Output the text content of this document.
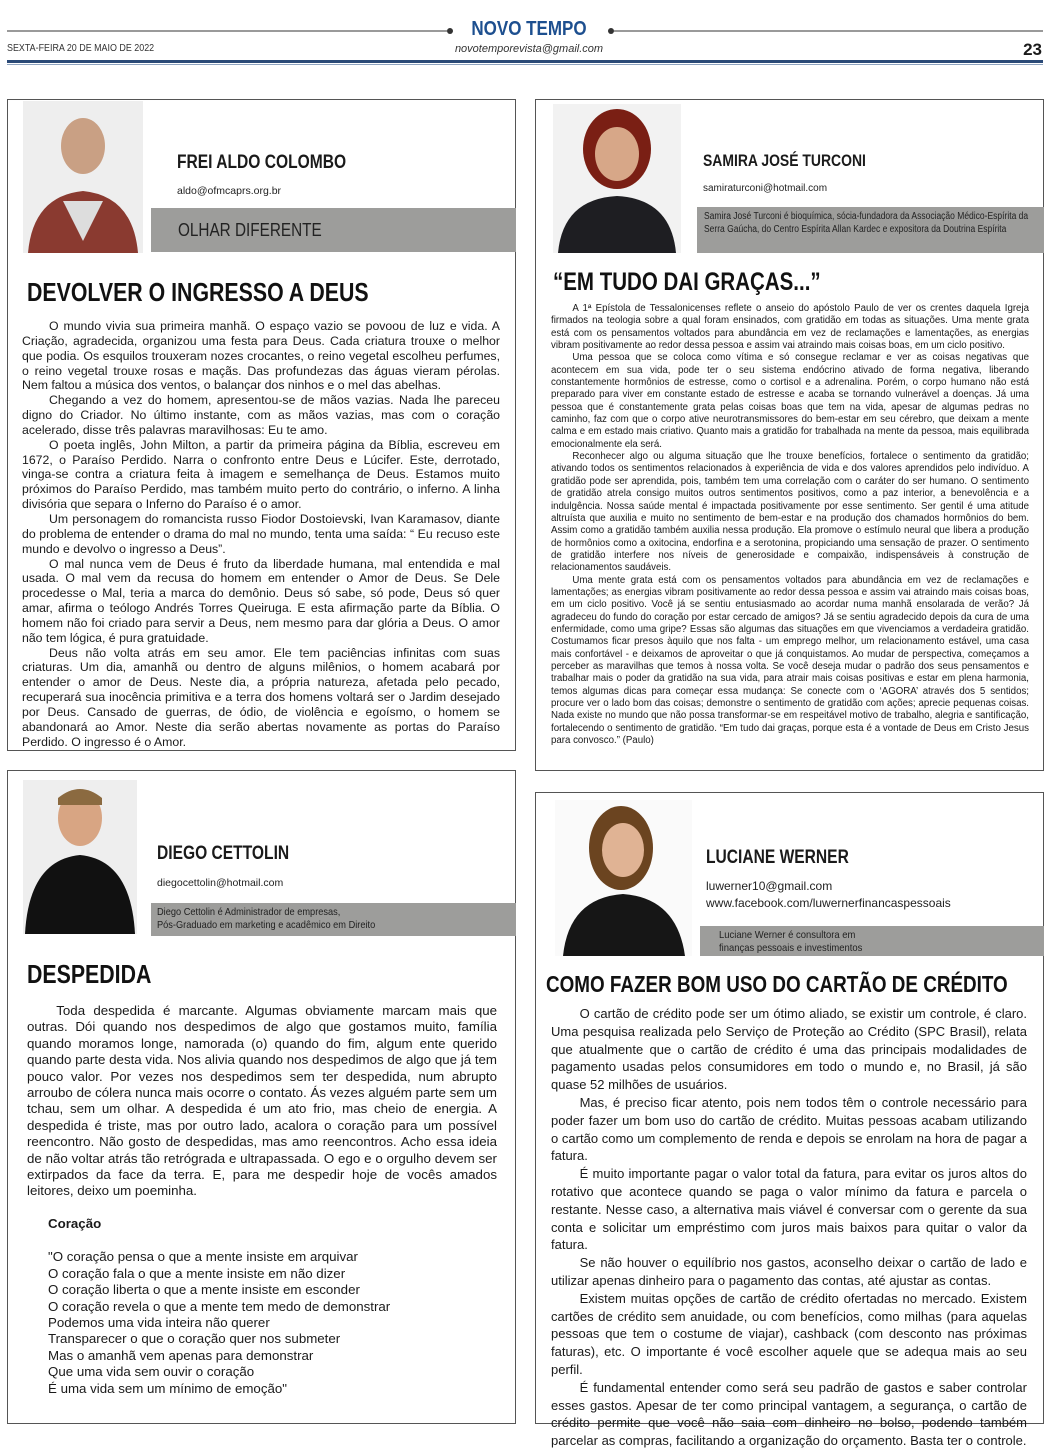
NOVO TEMPO
SEXTA-FEIRA 20 DE MAIO DE 2022	novotemporevista@gmail.com	23
FREI ALDO COLOMBO
aldo@ofmcaprs.org.br
OLHAR DIFERENTE
DEVOLVER O INGRESSO A DEUS

O mundo vivia sua primeira manhã. O espaço vazio se povoou de luz e vida. A Criação, agradecida, organizou uma festa para Deus. Cada criatura trouxe o melhor que podia. Os esquilos trouxeram nozes crocantes, o reino vegetal escolheu perfumes, o reino vegetal trouxe rosas e maçãs. Das profundezas das águas vieram pérolas. Nem faltou a música dos ventos, o balançar dos ninhos e o mel das abelhas.

Chegando a vez do homem, apresentou-se de mãos vazias. Nada lhe pareceu digno do Criador. No último instante, com as mãos vazias, mas com o coração acelerado, disse três palavras maravilhosas: Eu te amo.

O poeta inglês, John Milton, a partir da primeira página da Bíblia, escreveu em 1672, o Paraíso Perdido. Narra o confronto entre Deus e Lúcifer. Este, derrotado, vinga-se contra a criatura feita à imagem e semelhança de Deus. Estamos muito próximos do Paraíso Perdido, mas também muito perto do contrário, o inferno. A linha divisória que separa o Inferno do Paraíso é o amor.

Um personagem do romancista russo Fiodor Dostoievski, Ivan Karamasov, diante do problema de entender o drama do mal no mundo, tenta uma saída: “ Eu recuso este mundo e devolvo o ingresso a Deus”.

O mal nunca vem de Deus é fruto da liberdade humana, mal entendida e mal usada. O mal vem da recusa do homem em entender o Amor de Deus. Se Dele procedesse o Mal, teria a marca do demônio. Deus só sabe, só pode, Deus só quer amar, afirma o teólogo Andrés Torres Queiruga. E esta afirmação parte da Bíblia. O homem não foi criado para servir a Deus, nem mesmo para dar glória a Deus. O amor não tem lógica, é pura gratuidade.

Deus não volta atrás em seu amor. Ele tem paciências infinitas com suas criaturas. Um dia, amanhã ou dentro de alguns milênios, o homem acabará por entender o amor de Deus. Neste dia, a própria natureza, afetada pelo pecado, recuperará sua inocência primitiva e a terra dos homens voltará ser o Jardim desejado por Deus. Cansado de guerras, de ódio, de violência e egoísmo, o homem se abandonará ao Amor. Neste dia serão abertas novamente as portas do Paraíso Perdido. O ingresso é o Amor.

SAMIRA JOSÉ TURCONI
samiraturconi@hotmail.com
Samira José Turconi é bioquímica, sócia-fundadora da Associação Médico-Espírita da Serra Gaúcha, do Centro Espírita Allan Kardec e expositora da Doutrina Espírita
“EM TUDO DAI GRAÇAS...”

A 1ª Epístola de Tessalonicenses reflete o anseio do apóstolo Paulo de ver os crentes daquela Igreja firmados na teologia sobre a qual foram ensinados, com gratidão em todas as situações. Uma mente grata está com os pensamentos voltados para abundância em vez de reclamações e lamentações, as energias vibram positivamente ao redor dessa pessoa e assim vai atraindo mais coisas boas, em um ciclo positivo.

Uma pessoa que se coloca como vítima e só consegue reclamar e ver as coisas negativas que acontecem em sua vida, pode ter o seu sistema endócrino ativado de forma negativa, liberando constantemente hormônios de estresse, como o cortisol e a adrenalina. Porém, o corpo humano não está preparado para viver em constante estado de estresse e acaba se tornando vulnerável a doenças. Já uma pessoa que é constantemente grata pelas coisas boas que tem na vida, apesar de algumas pedras no caminho, faz com que o corpo ative neurotransmissores do bem-estar em seu cérebro, que deixam a mente calma e em estado mais criativo. Quanto mais a gratidão for trabalhada na mente da pessoa, mais equilibrada emocionalmente ela será.

Reconhecer algo ou alguma situação que lhe trouxe benefícios, fortalece o sentimento da gratidão; ativando todos os sentimentos relacionados à experiência de vida e dos valores aprendidos pelo indivíduo. A gratidão pode ser aprendida, pois, também tem uma correlação com o caráter do ser humano. O sentimento de gratidão atrela consigo muitos outros sentimentos positivos, como a paz interior, a benevolência e a indulgência. Nossa saúde mental é impactada positivamente por esse sentimento. Ser gentil é uma atitude altruísta que auxilia e muito no sentimento de bem-estar e na produção dos chamados hormônios do bem. Assim como a gratidão também auxilia nessa produção. Ela promove o estímulo neural que libera a produção de hormônios como a oxitocina, endorfina e a serotonina, propiciando uma sensação de prazer. O sentimento de gratidão interfere nos níveis de generosidade e compaixão, indispensáveis à construção de relacionamentos saudáveis.

Uma mente grata está com os pensamentos voltados para abundância em vez de reclamações e lamentações; as energias vibram positivamente ao redor dessa pessoa e assim vai atraindo mais coisas boas, em um ciclo positivo. Você já se sentiu entusiasmado ao acordar numa manhã ensolarada de verão? Já agradeceu do fundo do coração por estar cercado de amigos? Já se sentiu agradecido depois da cura de uma enfermidade, como uma gripe? Essas são algumas das situações em que vivenciamos a verdadeira gratidão. Costumamos ficar presos àquilo que nos falta - um emprego melhor, um relacionamento estável, uma casa mais confortável - e deixamos de aproveitar o que já conquistamos. Ao mudar de perspectiva, começamos a perceber as maravilhas que temos à nossa volta. Se você deseja mudar o padrão dos seus pensamentos e trabalhar mais o poder da gratidão na sua vida, para atrair mais coisas positivas e estar em plena harmonia, temos algumas dicas para começar essa mudança: Se conecte com o ‘AGORA’ através dos 5 sentidos; procure ver o lado bom das coisas; demonstre o sentimento de gratidão com ações; aprecie pequenas coisas. Nada existe no mundo que não possa transformar-se em respeitável motivo de trabalho, alegria e santificação, fortalecendo o sentimento de gratidão. “Em tudo dai graças, porque esta é a vontade de Deus em Cristo Jesus para convosco.” (Paulo)

DIEGO CETTOLIN
diegocettolin@hotmail.com
Diego Cettolin é Administrador de empresas,
Pós-Graduado em marketing e acadêmico em Direito
DESPEDIDA

Toda despedida é marcante. Algumas obviamente marcam mais que outras. Dói quando nos despedimos de algo que gostamos muito, família quando moramos longe, namorada (o) quando do fim, algum ente querido quando parte desta vida. Nos alivia quando nos despedimos de algo que já tem pouco valor. Por vezes nos despedimos sem ter despedida, num abrupto arroubo de cólera nunca mais ocorre o contato. Ás vezes alguém parte sem um tchau, sem um olhar. A despedida é um ato frio, mas cheio de energia. A despedida é triste, mas por outro lado, acalora o coração para um possível reencontro. Não gosto de despedidas, mas amo reencontros. Acho essa ideia de não voltar atrás tão retrógrada e ultrapassada. O ego e o orgulho devem ser extirpados da face da terra. E, para me despedir hoje de vocês amados leitores, deixo um poeminha.

Coração
"O coração pensa o que a mente insiste em arquivar
O coração fala o que a mente insiste em não dizer
O coração liberta o que a mente insiste em esconder
O coração revela o que a mente tem medo de demonstrar
Podemos uma vida inteira não querer
Transparecer o que o coração quer nos submeter
Mas o amanhã vem apenas para demonstrar
Que uma vida sem ouvir o coração
É uma vida sem um mínimo de emoção"
LUCIANE WERNER
luwerner10@gmail.com
www.facebook.com/luwernerfinancaspessoais
Luciane Werner é consultora em
finanças pessoais e investimentos
COMO FAZER BOM USO DO CARTÃO DE CRÉDITO

O cartão de crédito pode ser um ótimo aliado, se existir um controle, é claro. Uma pesquisa realizada pelo Serviço de Proteção ao Crédito (SPC Brasil), relata que atualmente que o cartão de crédito é uma das principais modalidades de pagamento usadas pelos consumidores em todo o mundo e, no Brasil, já são quase 52 milhões de usuários.

Mas, é preciso ficar atento, pois nem todos têm o controle necessário para poder fazer um bom uso do cartão de crédito. Muitas pessoas acabam utilizando o cartão como um complemento de renda e depois se enrolam na hora de pagar a fatura.

É muito importante pagar o valor total da fatura, para evitar os juros altos do rotativo que acontece quando se paga o valor mínimo da fatura e parcela o restante. Nesse caso, a alternativa mais viável é conversar com o gerente da sua conta e solicitar um empréstimo com juros mais baixos para quitar o valor da fatura.

Se não houver o equilíbrio nos gastos, aconselho deixar o cartão de lado e utilizar apenas dinheiro para o pagamento das contas, até ajustar as contas.

Existem muitas opções de cartão de crédito ofertadas no mercado. Existem cartões de crédito sem anuidade, ou com benefícios, como milhas (para aquelas pessoas que tem o costume de viajar), cashback (com desconto nas próximas faturas), etc. O importante é você escolher aquele que se adequa mais ao seu perfil.

É fundamental entender como será seu padrão de gastos e saber controlar esses gastos. Apesar de ter como principal vantagem, a segurança, o cartão de crédito permite que você não saia com dinheiro no bolso, podendo também parcelar as compras, facilitando a organização do orçamento. Basta ter o controle.
